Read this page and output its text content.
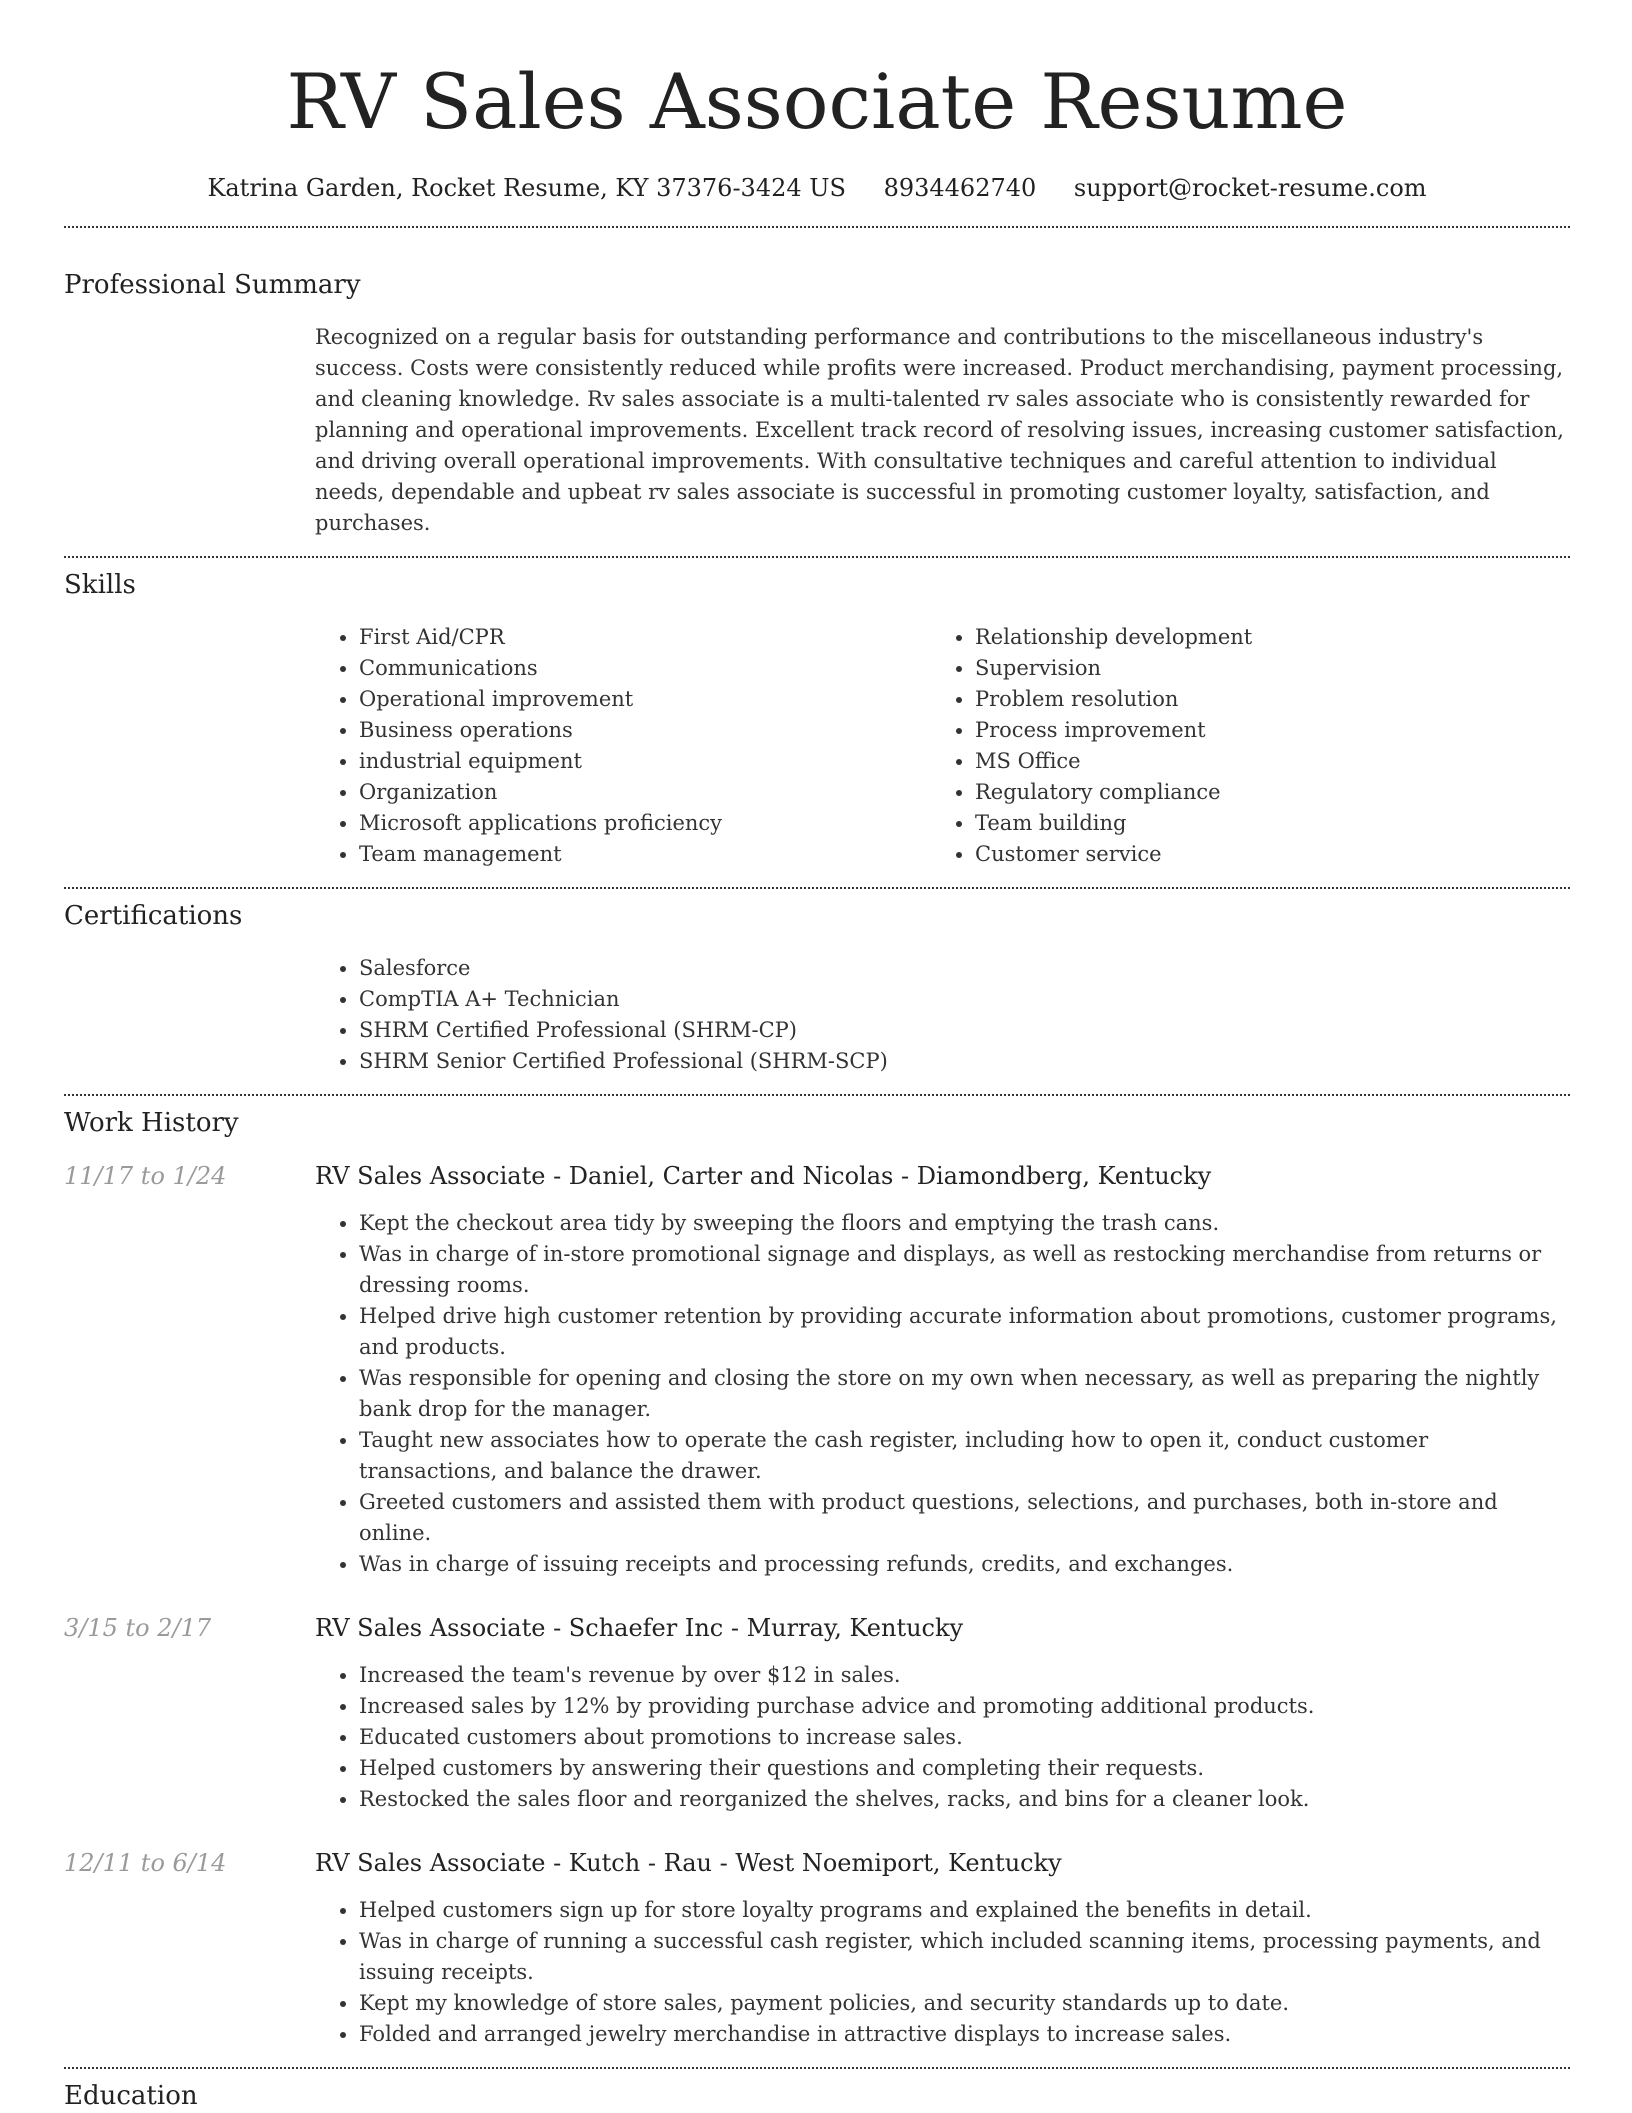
RV Sales Associate Resume
Katrina Garden, Rocket Resume, KY 37376-3424 US 8934462740 support@rocket-resume.com
Professional Summary
Recognized on a regular basis for outstanding performance and contributions to the miscellaneous industry's success. Costs were consistently reduced while profits were increased. Product merchandising, payment processing, and cleaning knowledge. Rv sales associate is a multi-talented rv sales associate who is consistently rewarded for planning and operational improvements. Excellent track record of resolving issues, increasing customer satisfaction, and driving overall operational improvements. With consultative techniques and careful attention to individual needs, dependable and upbeat rv sales associate is successful in promoting customer loyalty, satisfaction, and purchases.
Skills
• First Aid/CPR
• Communications
• Operational improvement
• Business operations
• industrial equipment
• Organization
• Microsoft applications proficiency
• Team management
• Relationship development
• Supervision
• Problem resolution
• Process improvement
• MS Office
• Regulatory compliance
• Team building
• Customer service
Certifications
• Salesforce
• CompTIA A+ Technician
• SHRM Certified Professional (SHRM-CP)
• SHRM Senior Certified Professional (SHRM-SCP)
Work History
11/17 to 1/24	RV Sales Associate - Daniel, Carter and Nicolas - Diamondberg, Kentucky
• Kept the checkout area tidy by sweeping the floors and emptying the trash cans.
• Was in charge of in-store promotional signage and displays, as well as restocking merchandise from returns or dressing rooms.
• Helped drive high customer retention by providing accurate information about promotions, customer programs, and products.
• Was responsible for opening and closing the store on my own when necessary, as well as preparing the nightly bank drop for the manager.
• Taught new associates how to operate the cash register, including how to open it, conduct customer transactions, and balance the drawer.
• Greeted customers and assisted them with product questions, selections, and purchases, both in-store and online.
• Was in charge of issuing receipts and processing refunds, credits, and exchanges.
3/15 to 2/17	RV Sales Associate - Schaefer Inc - Murray, Kentucky
• Increased the team's revenue by over $12 in sales.
• Increased sales by 12% by providing purchase advice and promoting additional products.
• Educated customers about promotions to increase sales.
• Helped customers by answering their questions and completing their requests.
• Restocked the sales floor and reorganized the shelves, racks, and bins for a cleaner look.
12/11 to 6/14	RV Sales Associate - Kutch - Rau - West Noemiport, Kentucky
• Helped customers sign up for store loyalty programs and explained the benefits in detail.
• Was in charge of running a successful cash register, which included scanning items, processing payments, and issuing receipts.
• Kept my knowledge of store sales, payment policies, and security standards up to date.
• Folded and arranged jewelry merchandise in attractive displays to increase sales.
Education
